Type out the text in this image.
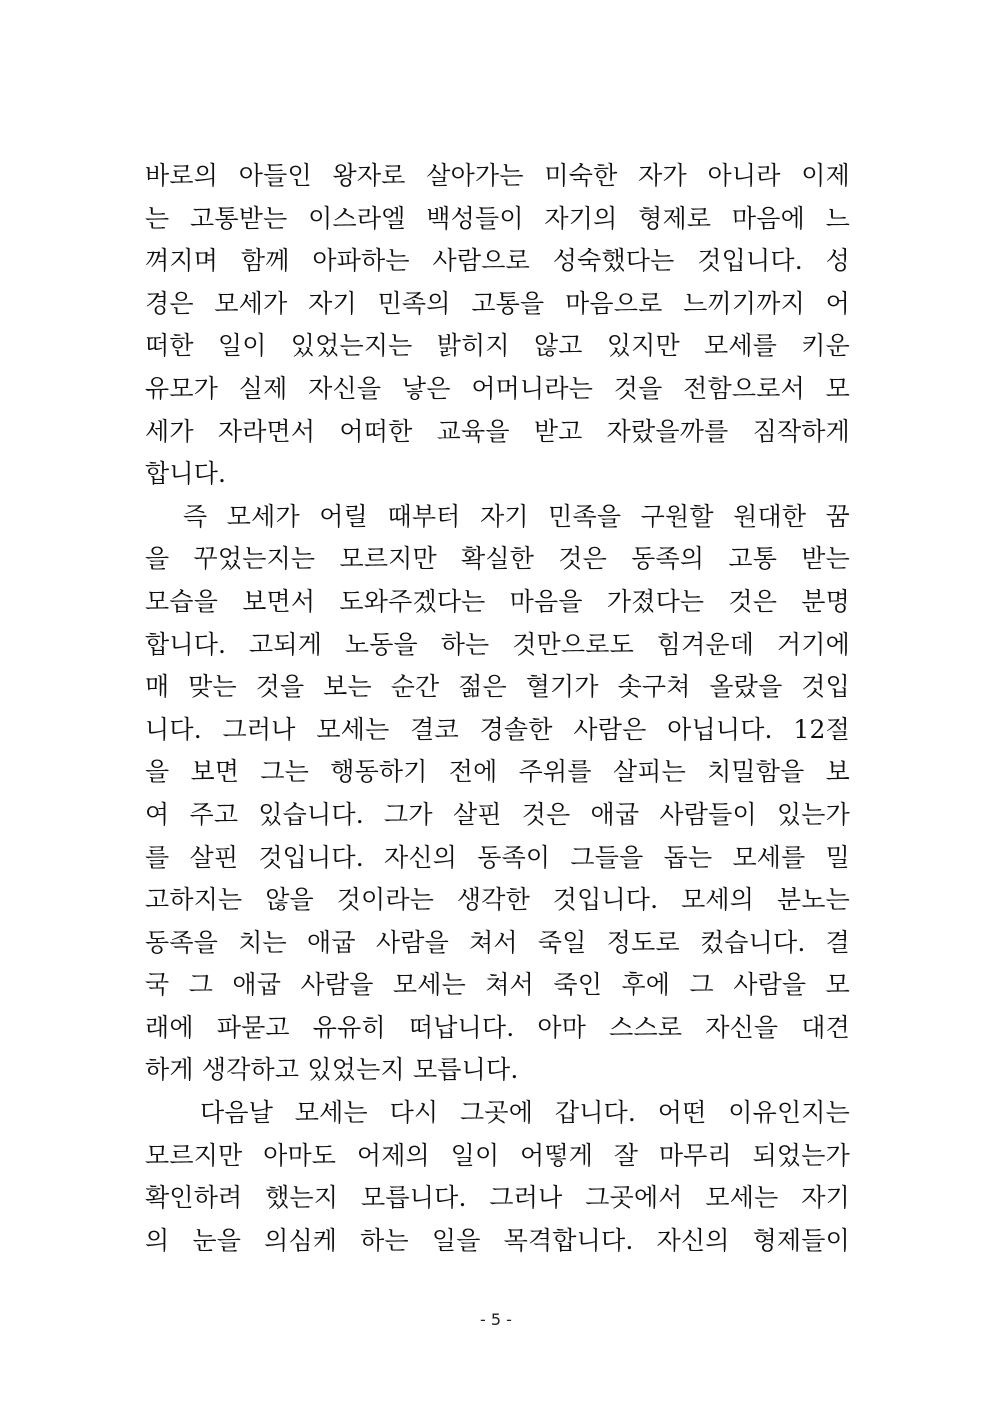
바로의 아들인 왕자로 살아가는 미숙한 자가 아니라 이제
는 고통받는 이스라엘 백성들이 자기의 형제로 마음에 느
껴지며 함께 아파하는 사람으로 성숙했다는 것입니다. 성
경은 모세가 자기 민족의 고통을 마음으로 느끼기까지 어
떠한 일이 있었는지는 밝히지 않고 있지만 모세를 키운
유모가 실제 자신을 낳은 어머니라는 것을 전함으로서 모
세가 자라면서 어떠한 교육을 받고 자랐을까를 짐작하게
합니다.
즉 모세가 어릴 때부터 자기 민족을 구원할 원대한 꿈
을 꾸었는지는 모르지만 확실한 것은 동족의 고통 받는
모습을 보면서 도와주겠다는 마음을 가졌다는 것은 분명
합니다. 고되게 노동을 하는 것만으로도 힘겨운데 거기에
매 맞는 것을 보는 순간 젊은 혈기가 솟구쳐 올랐을 것입
니다. 그러나 모세는 결코 경솔한 사람은 아닙니다. 12절
을 보면 그는 행동하기 전에 주위를 살피는 치밀함을 보
여 주고 있습니다. 그가 살핀 것은 애굽 사람들이 있는가
를 살핀 것입니다. 자신의 동족이 그들을 돕는 모세를 밀
고하지는 않을 것이라는 생각한 것입니다. 모세의 분노는
동족을 치는 애굽 사람을 쳐서 죽일 정도로 컸습니다. 결
국 그 애굽 사람을 모세는 쳐서 죽인 후에 그 사람을 모
래에 파묻고 유유히 떠납니다. 아마 스스로 자신을 대견
하게 생각하고 있었는지 모릅니다.
다음날 모세는 다시 그곳에 갑니다. 어떤 이유인지는
모르지만 아마도 어제의 일이 어떻게 잘 마무리 되었는가
확인하려 했는지 모릅니다. 그러나 그곳에서 모세는 자기
의 눈을 의심케 하는 일을 목격합니다. 자신의 형제들이
- 5 -
